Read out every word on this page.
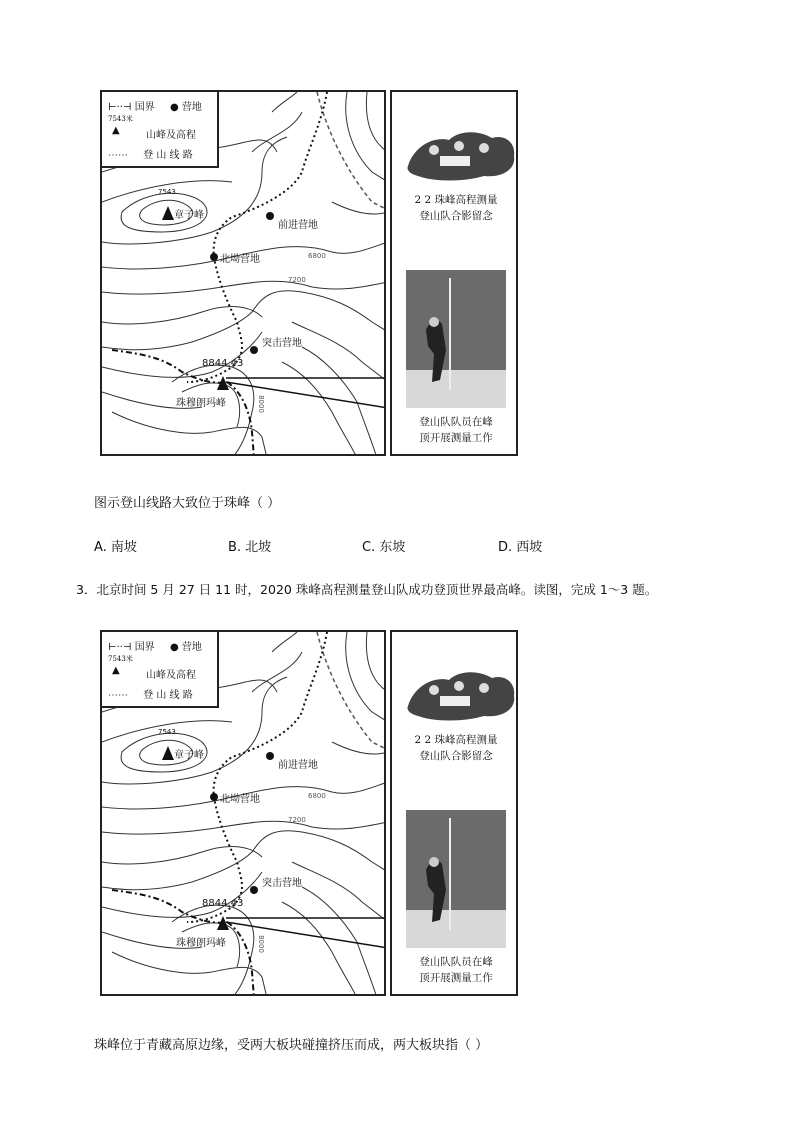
⊢··⊣ 国界 ● 营地
7543米
▲	山峰及高程
⋯⋯ 登 山 线 路
7543
章子峰
前进营地
北坳营地
突击营地
8844.43
珠穆朗玛峰
6800
7200
8000
2 2 珠峰高程测量
登山队合影留念
登山队队员在峰
顶开展测量工作
图示登山线路大致位于珠峰（ ）
A. 南坡	B. 北坡	C. 东坡	D. 西坡
3．北京时间 5 月 27 日 11 时，2020 珠峰高程测量登山队成功登顶世界最高峰。读图，完成 1～3 题。
⊢··⊣ 国界 ● 营地
7543米
▲	山峰及高程
⋯⋯ 登 山 线 路
7543
章子峰
前进营地
北坳营地
突击营地
8844.43
珠穆朗玛峰
6800
7200
8000
2 2 珠峰高程测量
登山队合影留念
登山队队员在峰
顶开展测量工作
珠峰位于青藏高原边缘，受两大板块碰撞挤压而成，两大板块指（ ）
